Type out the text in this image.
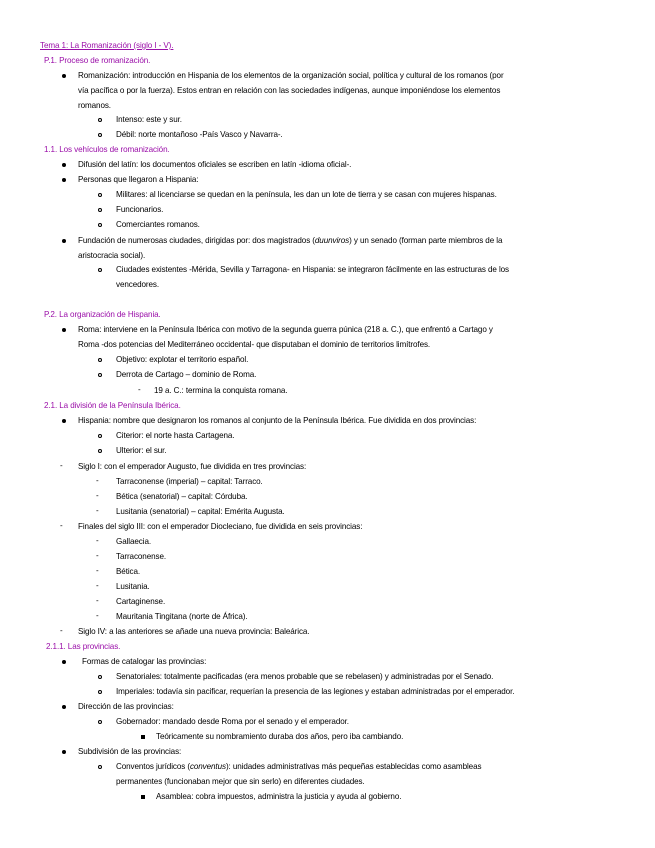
Tema 1: La Romanización (siglo I - V).
P.1. Proceso de romanización.
Romanización: introducción en Hispania de los elementos de la organización social, política y cultural de los romanos (por
vía pacífica o por la fuerza). Estos entran en relación con las sociedades indígenas, aunque imponiéndose los elementos
romanos.
Intenso: este y sur.
Débil: norte montañoso -País Vasco y Navarra-.
1.1. Los vehículos de romanización.
Difusión del latín: los documentos oficiales se escriben en latín -idioma oficial-.
Personas que llegaron a Hispania:
Militares: al licenciarse se quedan en la península, les dan un lote de tierra y se casan con mujeres hispanas.
Funcionarios.
Comerciantes romanos.
Fundación de numerosas ciudades, dirigidas por: dos magistrados (duunviros) y un senado (forman parte miembros de la
aristocracia social).
Ciudades existentes -Mérida, Sevilla y Tarragona- en Hispania: se integraron fácilmente en las estructuras de los
vencedores.
P.2. La organización de Hispania.
Roma: interviene en la Península Ibérica con motivo de la segunda guerra púnica (218 a. C.), que enfrentó a Cartago y
Roma -dos potencias del Mediterráneo occidental- que disputaban el dominio de territorios limítrofes.
Objetivo: explotar el territorio español.
Derrota de Cartago – dominio de Roma.
- 19 a. C.: termina la conquista romana.
2.1. La división de la Península Ibérica.
Hispania: nombre que designaron los romanos al conjunto de la Península Ibérica. Fue dividida en dos provincias:
Citerior: el norte hasta Cartagena.
Ulterior: el sur.
- Siglo I: con el emperador Augusto, fue dividida en tres provincias:
- Tarraconense (imperial) – capital: Tarraco.
- Bética (senatorial) – capital: Córduba.
- Lusitania (senatorial) – capital: Emérita Augusta.
- Finales del siglo III: con el emperador Diocleciano, fue dividida en seis provincias:
- Gallaecia.
- Tarraconense.
- Bética.
- Lusitania.
- Cartaginense.
- Mauritania Tingitana (norte de África).
- Siglo IV: a las anteriores se añade una nueva provincia: Baleárica.
2.1.1. Las provincias.
Formas de catalogar las provincias:
Senatoriales: totalmente pacificadas (era menos probable que se rebelasen) y administradas por el Senado.
Imperiales: todavía sin pacificar, requerían la presencia de las legiones y estaban administradas por el emperador.
Dirección de las provincias:
Gobernador: mandado desde Roma por el senado y el emperador.
Teóricamente su nombramiento duraba dos años, pero iba cambiando.
Subdivisión de las provincias:
Conventos jurídicos (conventus): unidades administrativas más pequeñas establecidas como asambleas
permanentes (funcionaban mejor que sin serlo) en diferentes ciudades.
Asamblea: cobra impuestos, administra la justicia y ayuda al gobierno.
